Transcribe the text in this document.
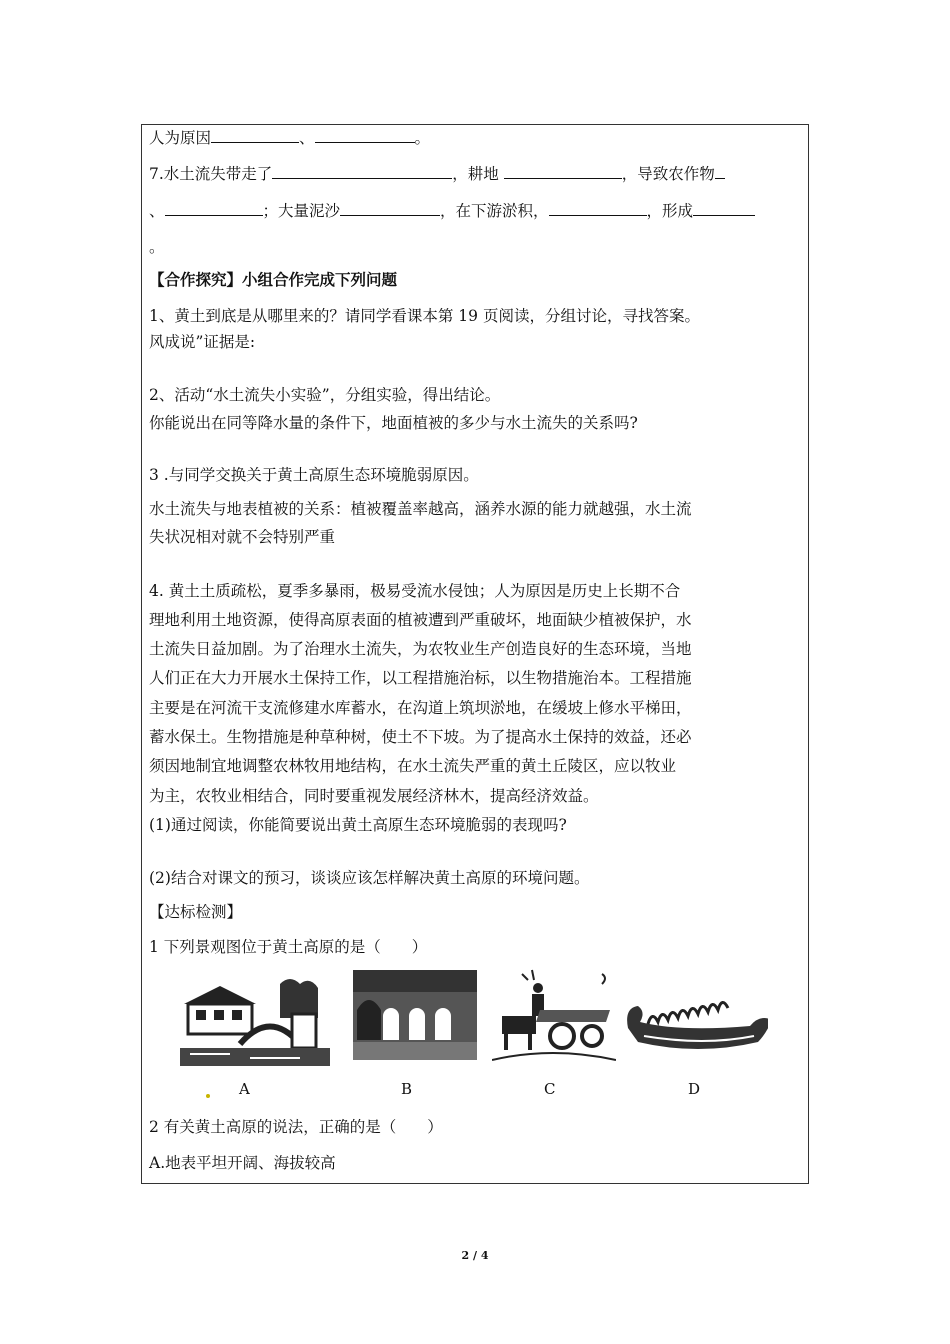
人为原因	、	。
7.水土流失带走了	，耕地	，导致农作物
、	；大量泥沙	，在下游淤积，	，形成
。
【合作探究】小组合作完成下列问题
1、黄土到底是从哪里来的？请同学看课本第 19 页阅读，分组讨论，寻找答案。
风成说”证据是:
2、活动“水土流失小实验”，分组实验，得出结论。
你能说出在同等降水量的条件下，地面植被的多少与水土流失的关系吗?
3 .与同学交换关于黄土高原生态环境脆弱原因。
水土流失与地表植被的关系：植被覆盖率越高，涵养水源的能力就越强，水土流
失状况相对就不会特别严重
4. 黄土土质疏松，夏季多暴雨，极易受流水侵蚀；人为原因是历史上长期不合
理地利用土地资源，使得高原表面的植被遭到严重破坏，地面缺少植被保护，水
土流失日益加剧。为了治理水土流失，为农牧业生产创造良好的生态环境，当地
人们正在大力开展水土保持工作，以工程措施治标，以生物措施治本。工程措施
主要是在河流干支流修建水库蓄水，在沟道上筑坝淤地，在缓坡上修水平梯田，
蓄水保土。生物措施是种草种树，使土不下坡。为了提高水土保持的效益，还必
须因地制宜地调整农林牧用地结构，在水土流失严重的黄土丘陵区，应以牧业
为主，农牧业相结合，同时要重视发展经济林木，提高经济效益。
(1)通过阅读，你能简要说出黄土高原生态环境脆弱的表现吗?
(2)结合对课文的预习，谈谈应该怎样解决黄土高原的环境问题。
【达标检测】
1 下列景观图位于黄土高原的是（　　）
A	B	C	D
2 有关黄土高原的说法，正确的是（　　）
A.地表平坦开阔、海拔较高
2 / 4
